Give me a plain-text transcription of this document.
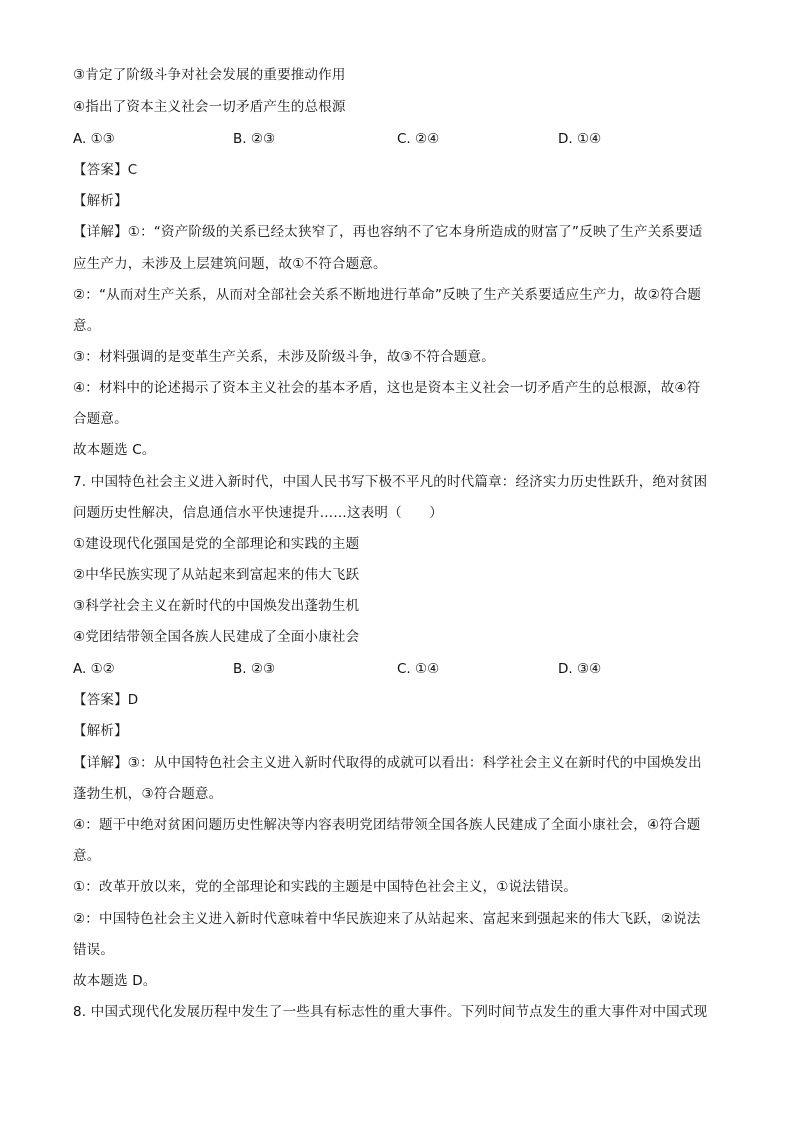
③肯定了阶级斗争对社会发展的重要推动作用
④指出了资本主义社会一切矛盾产生的总根源
A. ①③	B. ②③	C. ②④	D. ①④
【答案】C
【解析】
【详解】①：“资产阶级的关系已经太狭窄了，再也容纳不了它本身所造成的财富了”反映了生产关系要适
应生产力，未涉及上层建筑问题，故①不符合题意。
②：“从而对生产关系，从而对全部社会关系不断地进行革命”反映了生产关系要适应生产力，故②符合题
意。
③：材料强调的是变革生产关系，未涉及阶级斗争，故③不符合题意。
④：材料中的论述揭示了资本主义社会的基本矛盾，这也是资本主义社会一切矛盾产生的总根源，故④符
合题意。
故本题选 C。
7. 中国特色社会主义进入新时代，中国人民书写下极不平凡的时代篇章：经济实力历史性跃升，绝对贫困
问题历史性解决，信息通信水平快速提升……这表明（　　）
①建设现代化强国是党的全部理论和实践的主题
②中华民族实现了从站起来到富起来的伟大飞跃
③科学社会主义在新时代的中国焕发出蓬勃生机
④党团结带领全国各族人民建成了全面小康社会
A. ①②	B. ②③	C. ①④	D. ③④
【答案】D
【解析】
【详解】③：从中国特色社会主义进入新时代取得的成就可以看出：科学社会主义在新时代的中国焕发出
蓬勃生机，③符合题意。
④：题干中绝对贫困问题历史性解决等内容表明党团结带领全国各族人民建成了全面小康社会，④符合题
意。
①：改革开放以来，党的全部理论和实践的主题是中国特色社会主义，①说法错误。
②：中国特色社会主义进入新时代意味着中华民族迎来了从站起来、富起来到强起来的伟大飞跃，②说法
错误。
故本题选 D。
8. 中国式现代化发展历程中发生了一些具有标志性的重大事件。下列时间节点发生的重大事件对中国式现
